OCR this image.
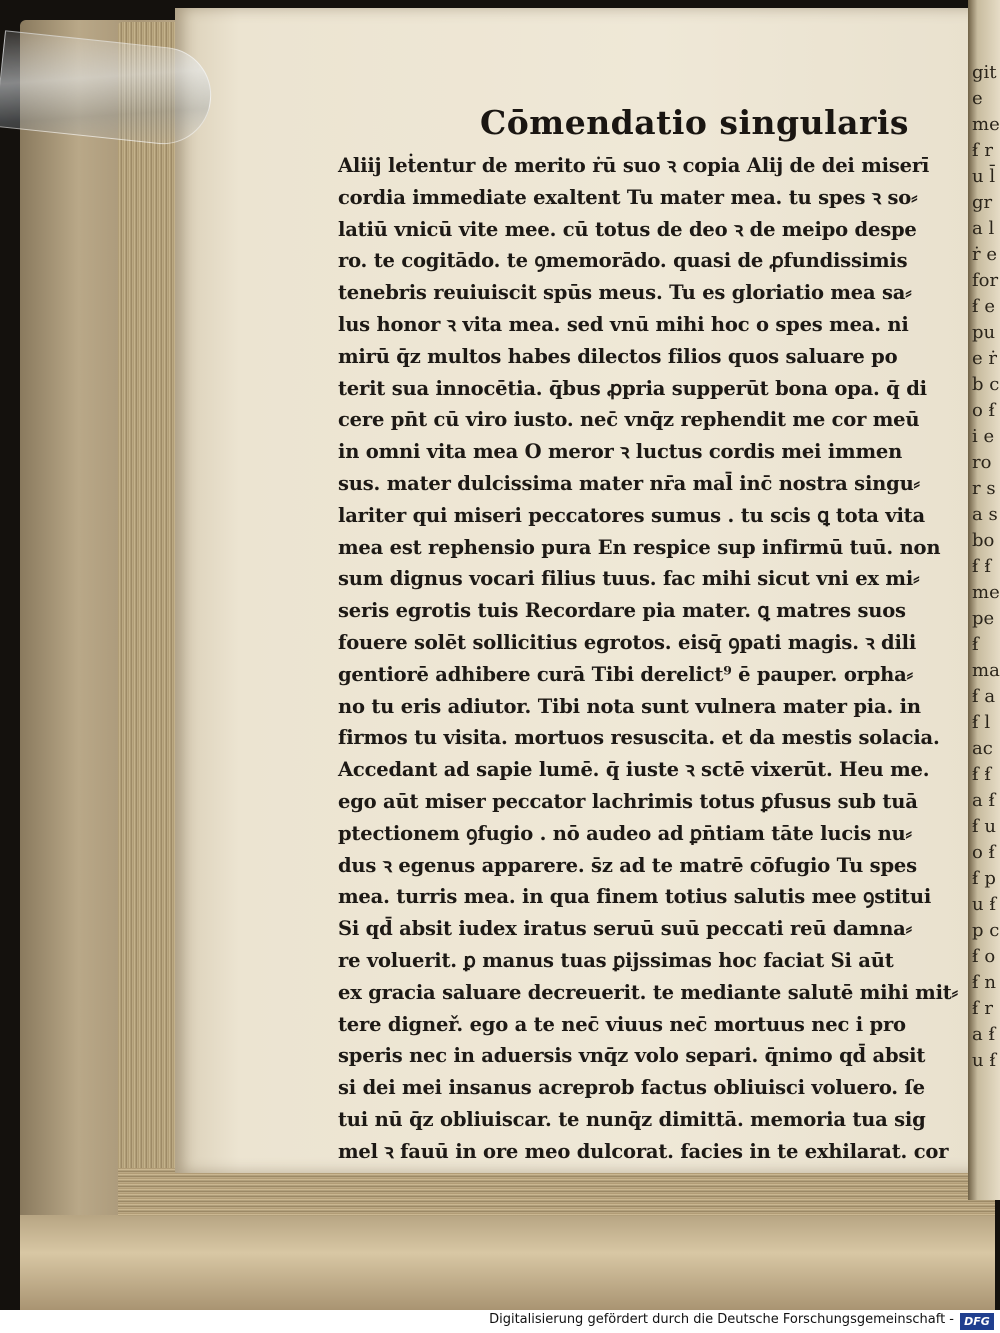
gite me ẜ ru l̄ gra l ṙ e for ẜ e pue ṙ b co ẜi ero r sa s bo ẜ ẜ me pe ẜ ma ẜ a ẜ lac ẜ ẜ a ẜ ẜ uo ẜ ẜ pu ẜ p c ẜ o ẜ n ẜ r a ẜ u ẜ
Cōmendatio singularis
Aliij leṫentur de merito ṙū suo ꝛ copia Alij de dei miserī
cordia immediate exaltent Tu mater mea. tu spes ꝛ so⸗
latiū vnicū vite mee. cū totus de deo ꝛ de meipo despe
ro. te cogitādo. te ꝯmemorādo. quasi de ꝓfundissimis
tenebris reuiuiscit spūs meus. Tu es gloriatio mea sa⸗
lus honor ꝛ vita mea. sed vnū mihi hoc o spes mea. ni
mirū q̄z multos habes dilectos filios quos saluare po
terit sua innocētia. q̄bus ꝓpria supperūt bona opa. q̄ di
cere pn̄t cū viro iusto. nec̄ vnq̄z rephendit me cor meū
in omni vita mea O meror ꝛ luctus cordis mei immen
sus. mater dulcissima mater nr̄a mal̄ inc̄ nostra singu⸗
lariter qui miseri peccatores sumus . tu scis ꝗ tota vita
mea est rephensio pura En respice sup infirmū tuū. non
sum dignus vocari filius tuus. fac mihi sicut vni ex mi⸗
seris egrotis tuis Recordare pia mater. ꝗ matres suos
fouere solēt sollicitius egrotos. eisq̄ ꝯpati magis. ꝛ dili
gentiorē adhibere curā Tibi derelict⁹ ē pauper. orpha⸗
no tu eris adiutor. Tibi nota sunt vulnera mater pia. in
firmos tu visita. mortuos resuscita. et da mestis solacia.
Accedant ad sapie lumē. q̄ iuste ꝛ sctē vixerūt. Heu me.
ego aūt miser peccator lachrimis totus ꝑfusus sub tuā
ptectionem ꝯfugio . nō audeo ad ꝑn̄tiam tāte lucis nu⸗
dus ꝛ egenus apparere. s̄z ad te matrē cōfugio Tu spes
mea. turris mea. in qua finem totius salutis mee ꝯstitui
Si qd̄ absit iudex iratus seruū suū peccati reū damna⸗
re voluerit. ꝑ manus tuas ꝑijssimas hoc faciat Si aūt
ex gracia saluare decreuerit. te mediante salutē mihi mit⸗
tere digneř. ego a te nec̄ viuus nec̄ mortuus nec i pro
speris nec in aduersis vnq̄z volo separi. q̄nimo qd̄ absit
si dei mei insanus acreprob factus obliuisci voluero. ſe
tui nū q̄z obliuiscar. te nunq̄z dimittā. memoria tua sig
mel ꝛ fauū in ore meo dulcorat. facies in te exhilarat. cor
Digitalisierung gefördert durch die Deutsche Forschungsgemeinschaft - DFG
